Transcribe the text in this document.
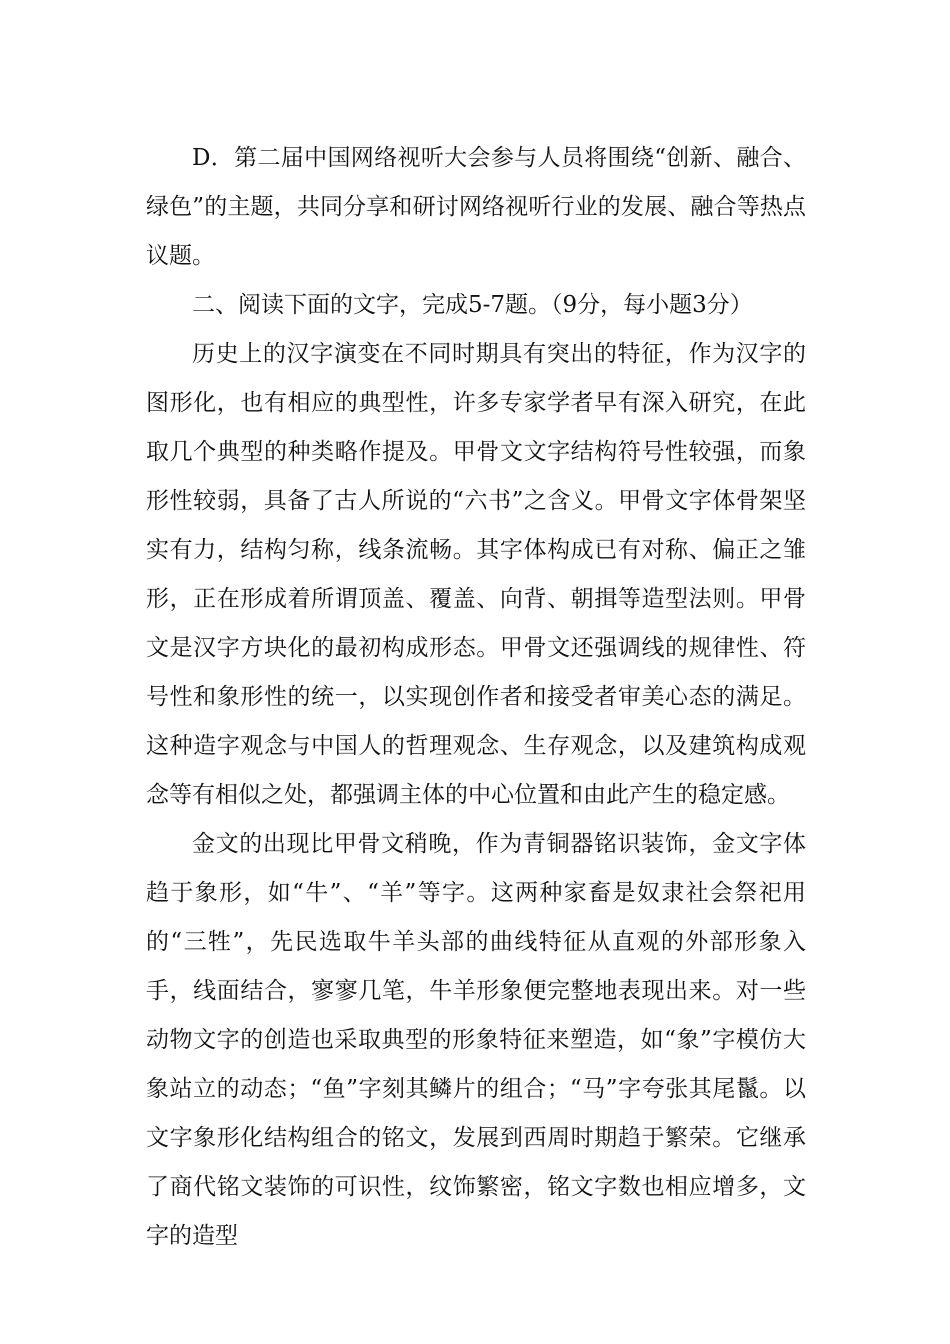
D．第二届中国网络视听大会参与人员将围绕“创新、融合、绿色”的主题，共同分享和研讨网络视听行业的发展、融合等热点议题。

二、阅读下面的文字，完成5-7题。（9分，每小题3分）

历史上的汉字演变在不同时期具有突出的特征，作为汉字的图形化，也有相应的典型性，许多专家学者早有深入研究，在此取几个典型的种类略作提及。甲骨文文字结构符号性较强，而象形性较弱，具备了古人所说的“六书”之含义。甲骨文字体骨架坚实有力，结构匀称，线条流畅。其字体构成已有对称、偏正之雏形，正在形成着所谓顶盖、覆盖、向背、朝揖等造型法则。甲骨文是汉字方块化的最初构成形态。甲骨文还强调线的规律性、符号性和象形性的统一，以实现创作者和接受者审美心态的满足。这种造字观念与中国人的哲理观念、生存观念，以及建筑构成观念等有相似之处，都强调主体的中心位置和由此产生的稳定感。

金文的出现比甲骨文稍晚，作为青铜器铭识装饰，金文字体趋于象形，如“牛”、“羊”等字。这两种家畜是奴隶社会祭祀用的“三牲”，先民选取牛羊头部的曲线特征从直观的外部形象入手，线面结合，寥寥几笔，牛羊形象便完整地表现出来。对一些动物文字的创造也采取典型的形象特征来塑造，如“象”字模仿大象站立的动态；“鱼”字刻其鳞片的组合；“马”字夸张其尾鬣。以文字象形化结构组合的铭文，发展到西周时期趋于繁荣。它继承了商代铭文装饰的可识性，纹饰繁密，铭文字数也相应增多，文字的造型
